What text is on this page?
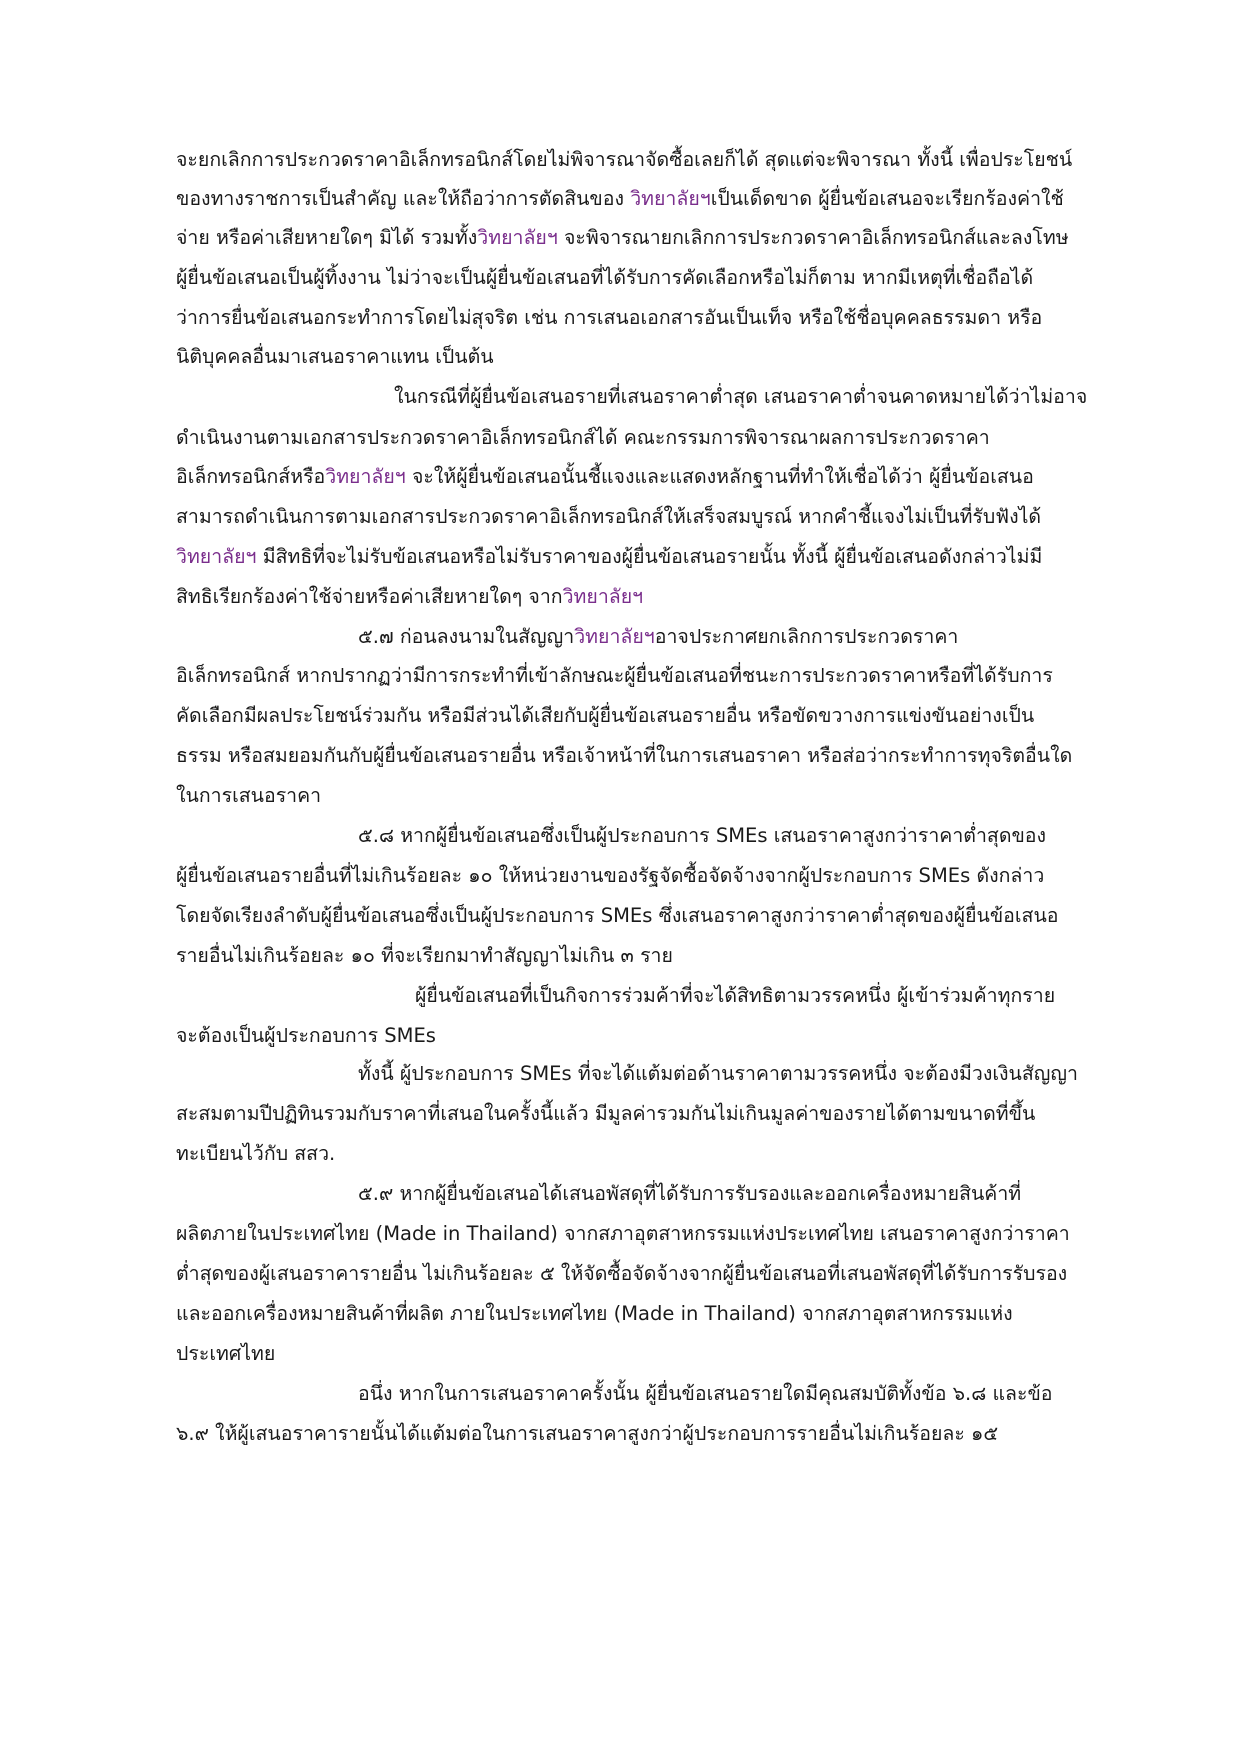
จะยกเลิกการประกวดราคาอิเล็กทรอนิกส์โดยไม่พิจารณาจัดซื้อเลยก็ได้ สุดแต่จะพิจารณา ทั้งนี้ เพื่อประโยชน์
ของทางราชการเป็นสำคัญ และให้ถือว่าการตัดสินของ วิทยาลัยฯเป็นเด็ดขาด ผู้ยื่นข้อเสนอจะเรียกร้องค่าใช้
จ่าย หรือค่าเสียหายใดๆ มิได้ รวมทั้งวิทยาลัยฯ จะพิจารณายกเลิกการประกวดราคาอิเล็กทรอนิกส์และลงโทษ
ผู้ยื่นข้อเสนอเป็นผู้ทิ้งงาน ไม่ว่าจะเป็นผู้ยื่นข้อเสนอที่ได้รับการคัดเลือกหรือไม่ก็ตาม หากมีเหตุที่เชื่อถือได้
ว่าการยื่นข้อเสนอกระทำการโดยไม่สุจริต เช่น การเสนอเอกสารอันเป็นเท็จ หรือใช้ชื่อบุคคลธรรมดา หรือ
นิติบุคคลอื่นมาเสนอราคาแทน เป็นต้น
ในกรณีที่ผู้ยื่นข้อเสนอรายที่เสนอราคาต่ำสุด เสนอราคาต่ำจนคาดหมายได้ว่าไม่อาจ
ดำเนินงานตามเอกสารประกวดราคาอิเล็กทรอนิกส์ได้ คณะกรรมการพิจารณาผลการประกวดราคา
อิเล็กทรอนิกส์หรือวิทยาลัยฯ จะให้ผู้ยื่นข้อเสนอนั้นชี้แจงและแสดงหลักฐานที่ทำให้เชื่อได้ว่า ผู้ยื่นข้อเสนอ
สามารถดำเนินการตามเอกสารประกวดราคาอิเล็กทรอนิกส์ให้เสร็จสมบูรณ์ หากคำชี้แจงไม่เป็นที่รับฟังได้
วิทยาลัยฯ มีสิทธิที่จะไม่รับข้อเสนอหรือไม่รับราคาของผู้ยื่นข้อเสนอรายนั้น ทั้งนี้ ผู้ยื่นข้อเสนอดังกล่าวไม่มี
สิทธิเรียกร้องค่าใช้จ่ายหรือค่าเสียหายใดๆ จากวิทยาลัยฯ
๕.๗ ก่อนลงนามในสัญญาวิทยาลัยฯอาจประกาศยกเลิกการประกวดราคา
อิเล็กทรอนิกส์ หากปรากฏว่ามีการกระทำที่เข้าลักษณะผู้ยื่นข้อเสนอที่ชนะการประกวดราคาหรือที่ได้รับการ
คัดเลือกมีผลประโยชน์ร่วมกัน หรือมีส่วนได้เสียกับผู้ยื่นข้อเสนอรายอื่น หรือขัดขวางการแข่งขันอย่างเป็น
ธรรม หรือสมยอมกันกับผู้ยื่นข้อเสนอรายอื่น หรือเจ้าหน้าที่ในการเสนอราคา หรือส่อว่ากระทำการทุจริตอื่นใด
ในการเสนอราคา
๕.๘ หากผู้ยื่นข้อเสนอซึ่งเป็นผู้ประกอบการ SMEs เสนอราคาสูงกว่าราคาต่ำสุดของ
ผู้ยื่นข้อเสนอรายอื่นที่ไม่เกินร้อยละ ๑๐ ให้หน่วยงานของรัฐจัดซื้อจัดจ้างจากผู้ประกอบการ SMEs ดังกล่าว
โดยจัดเรียงลำดับผู้ยื่นข้อเสนอซึ่งเป็นผู้ประกอบการ SMEs ซึ่งเสนอราคาสูงกว่าราคาต่ำสุดของผู้ยื่นข้อเสนอ
รายอื่นไม่เกินร้อยละ ๑๐ ที่จะเรียกมาทำสัญญาไม่เกิน ๓ ราย
ผู้ยื่นข้อเสนอที่เป็นกิจการร่วมค้าที่จะได้สิทธิตามวรรคหนึ่ง ผู้เข้าร่วมค้าทุกราย
จะต้องเป็นผู้ประกอบการ SMEs
ทั้งนี้ ผู้ประกอบการ SMEs ที่จะได้แต้มต่อด้านราคาตามวรรคหนึ่ง จะต้องมีวงเงินสัญญา
สะสมตามปีปฏิทินรวมกับราคาที่เสนอในครั้งนี้แล้ว มีมูลค่ารวมกันไม่เกินมูลค่าของรายได้ตามขนาดที่ขึ้น
ทะเบียนไว้กับ สสว.
๕.๙ หากผู้ยื่นข้อเสนอได้เสนอพัสดุที่ได้รับการรับรองและออกเครื่องหมายสินค้าที่
ผลิตภายในประเทศไทย (Made in Thailand) จากสภาอุตสาหกรรมแห่งประเทศไทย เสนอราคาสูงกว่าราคา
ต่ำสุดของผู้เสนอราคารายอื่น ไม่เกินร้อยละ ๕ ให้จัดซื้อจัดจ้างจากผู้ยื่นข้อเสนอที่เสนอพัสดุที่ได้รับการรับรอง
และออกเครื่องหมายสินค้าที่ผลิต ภายในประเทศไทย (Made in Thailand) จากสภาอุตสาหกรรมแห่ง
ประเทศไทย
อนึ่ง หากในการเสนอราคาครั้งนั้น ผู้ยื่นข้อเสนอรายใดมีคุณสมบัติทั้งข้อ ๖.๘ และข้อ
๖.๙ ให้ผู้เสนอราคารายนั้นได้แต้มต่อในการเสนอราคาสูงกว่าผู้ประกอบการรายอื่นไม่เกินร้อยละ ๑๕
